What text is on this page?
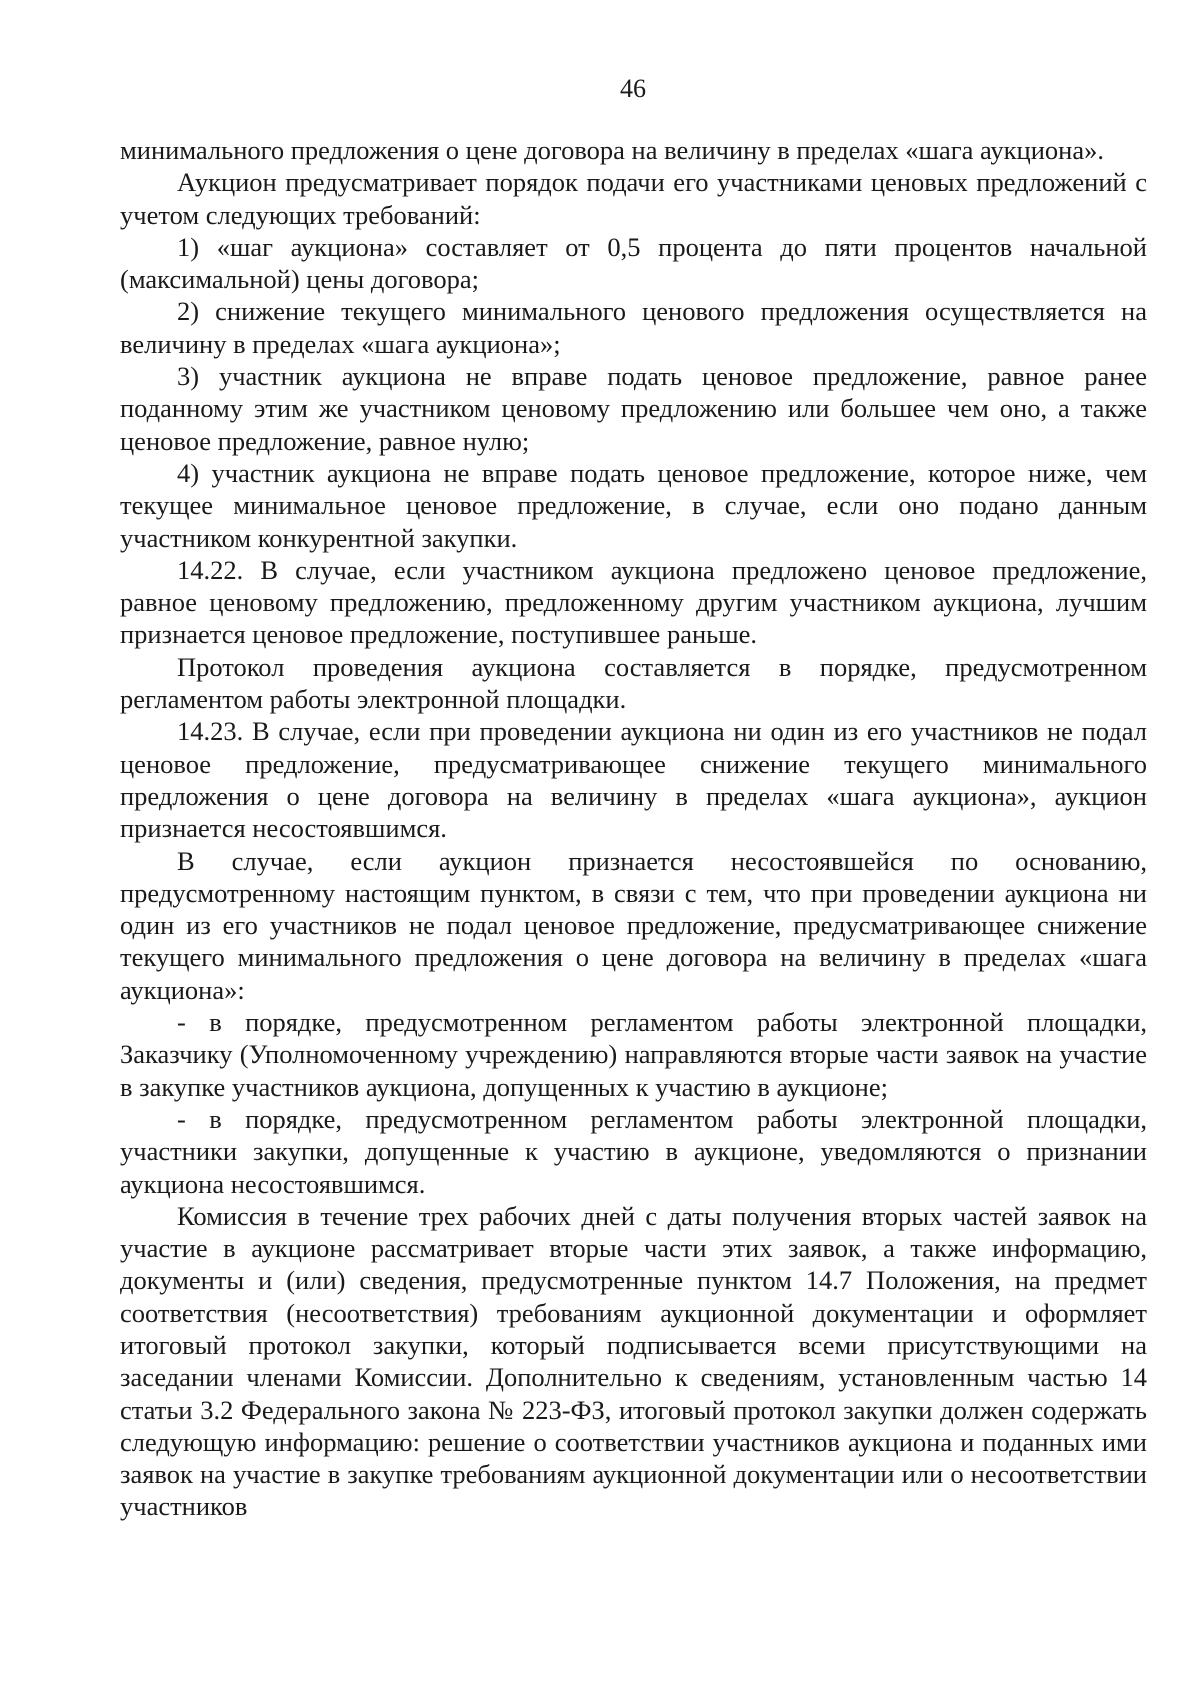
46

минимального предложения о цене договора на величину в пределах «шага аукциона».

Аукцион предусматривает порядок подачи его участниками ценовых предложений с учетом следующих требований:

1) «шаг аукциона» составляет от 0,5 процента до пяти процентов начальной (максимальной) цены договора;

2) снижение текущего минимального ценового предложения осуществляется на величину в пределах «шага аукциона»;

3) участник аукциона не вправе подать ценовое предложение, равное ранее поданному этим же участником ценовому предложению или большее чем оно, а также ценовое предложение, равное нулю;

4) участник аукциона не вправе подать ценовое предложение, которое ниже, чем текущее минимальное ценовое предложение, в случае, если оно подано данным участником конкурентной закупки.

14.22. В случае, если участником аукциона предложено ценовое предложение, равное ценовому предложению, предложенному другим участником аукциона, лучшим признается ценовое предложение, поступившее раньше.

Протокол проведения аукциона составляется в порядке, предусмотренном регламентом работы электронной площадки.

14.23. В случае, если при проведении аукциона ни один из его участников не подал ценовое предложение, предусматривающее снижение текущего минимального предложения о цене договора на величину в пределах «шага аукциона», аукцион признается несостоявшимся.

В случае, если аукцион признается несостоявшейся по основанию, предусмотренному настоящим пунктом, в связи с тем, что при проведении аукциона ни один из его участников не подал ценовое предложение, предусматривающее снижение текущего минимального предложения о цене договора на величину в пределах «шага аукциона»:

- в порядке, предусмотренном регламентом работы электронной площадки, Заказчику (Уполномоченному учреждению) направляются вторые части заявок на участие в закупке участников аукциона, допущенных к участию в аукционе;

- в порядке, предусмотренном регламентом работы электронной площадки, участники закупки, допущенные к участию в аукционе, уведомляются о признании аукциона несостоявшимся.

Комиссия в течение трех рабочих дней с даты получения вторых частей заявок на участие в аукционе рассматривает вторые части этих заявок, а также информацию, документы и (или) сведения, предусмотренные пунктом 14.7 Положения, на предмет соответствия (несоответствия) требованиям аукционной документации и оформляет итоговый протокол закупки, который подписывается всеми присутствующими на заседании членами Комиссии. Дополнительно к сведениям, установленным частью 14 статьи 3.2 Федерального закона № 223-ФЗ, итоговый протокол закупки должен содержать следующую информацию: решение о соответствии участников аукциона и поданных ими заявок на участие в закупке требованиям аукционной документации или о несоответствии участников
